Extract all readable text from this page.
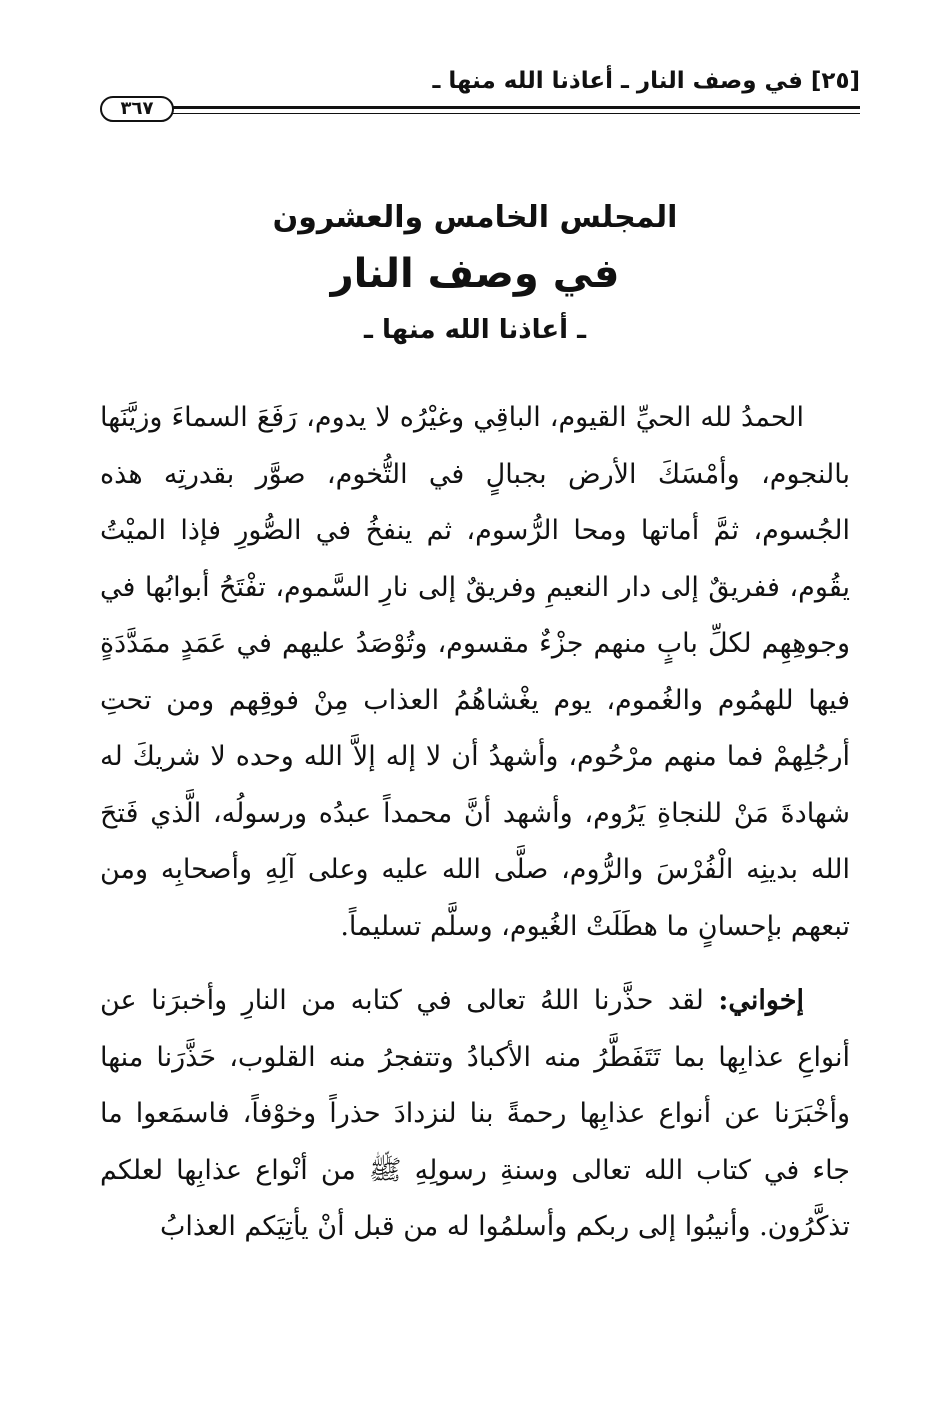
[٢٥] في وصف النار ـ أعاذنا الله منها ـ
٣٦٧
المجلس الخامس والعشرون
في وصف النار
ـ أعاذنا الله منها ـ

الحمدُ لله الحيِّ القيوم، الباقِي وغيْرُه لا يدوم، رَفَعَ السماءَ وزيَّنَها بالنجوم، وأمْسَكَ الأرض بجبالٍ في التُّخوم، صوَّر بقدرتِه هذه الجُسوم، ثمَّ أماتها ومحا الرُّسوم، ثم ينفخُ في الصُّورِ فإذا الميْتُ يقُوم، ففريقٌ إلى دار النعيمِ وفريقٌ إلى نارِ السَّموم، تفْتَحُ أبوابُها في وجوهِهِم لكلِّ بابٍ منهم جزْءٌ مقسوم، وتُوْصَدُ عليهم في عَمَدٍ ممَدَّدَةٍ فيها للهمُوم والغُموم، يوم يغْشاهُمُ العذاب مِنْ فوقِهم ومن تحتِ أرجُلِهمْ فما منهم مرْحُوم، وأشهدُ أن لا إله إلاَّ الله وحده لا شريكَ له شهادةَ مَنْ للنجاةِ يَرُوم، وأشهد أنَّ محمداً عبدُه ورسولُه، الَّذي فَتحَ الله بدينِه الْفُرْسَ والرُّوم، صلَّى الله عليه وعلى آلِهِ وأصحابِه ومن تبعهم بإحسانٍ ما هطَلَتْ الغُيوم، وسلَّم تسليماً.

إخواني: لقد حذَّرنا اللهُ تعالى في كتابه من النارِ وأخبرَنا عن أنواعِ عذابِها بما تَتَفَطَّرُ منه الأكبادُ وتتفجرُ منه القلوب، حَذَّرَنا منها وأخْبَرَنا عن أنواع عذابِها رحمةً بنا لنزدادَ حذراً وخوْفاً، فاسمَعوا ما جاء في كتاب الله تعالى وسنةِ رسولِهِ ﷺ من أنْواع عذابِها لعلكم تذكَّرُون. وأنيبُوا إلى ربكم وأسلمُوا له من قبل أنْ يأتِيَكم العذابُ
